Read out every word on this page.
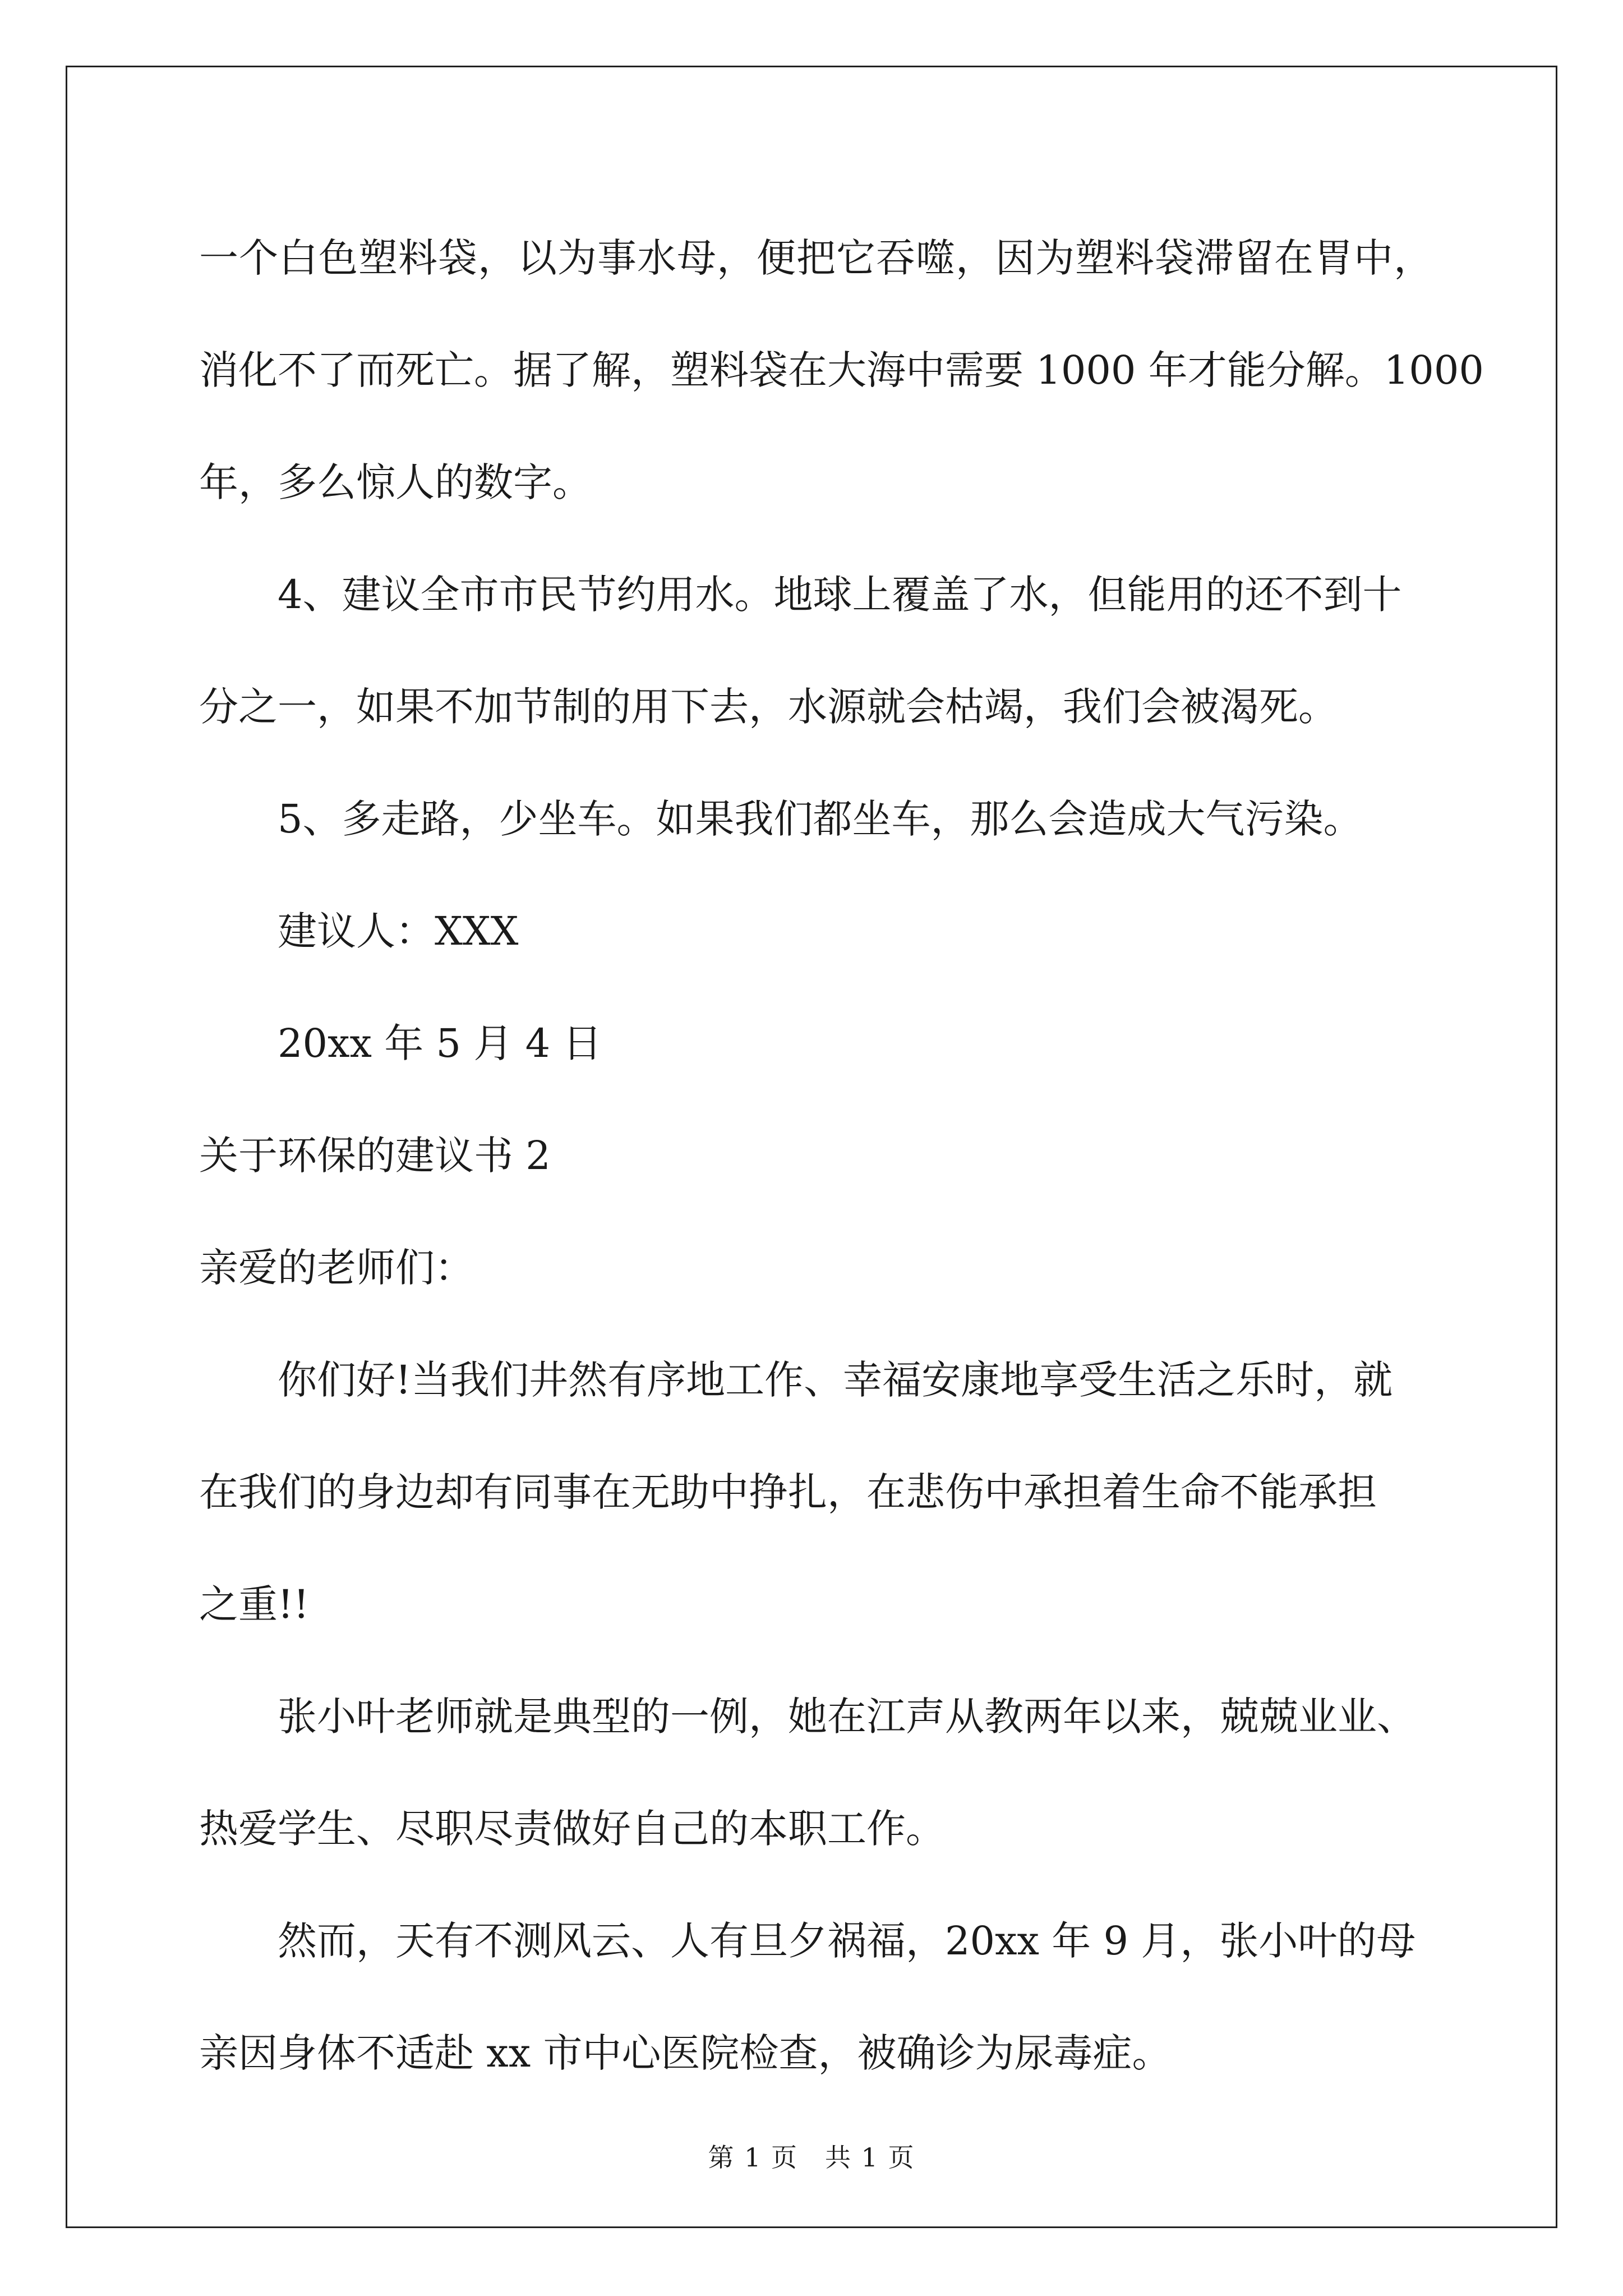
一 个 白 色 塑 料 袋 ， 以 为 事 水 母 ， 便 把 它 吞 噬 ， 因 为 塑 料 袋 滞 留 在 胃 中 ，

消 化 不 了 而 死 亡 。 据 了 解 ， 塑 料 袋 在 大 海 中 需 要
1 0 0 0
年 才 能 分 解 。 1 0 0 0

年，多么惊人的数字。

4、建议全市市民节约用水。地球上覆盖了水，但能用的还不到十

分之一，如果不加节制的用下去，水源就会枯竭，我们会被渴死。

5、多走路，少坐车。如果我们都坐车，那么会造成大气污染。

建议人：XXX

20xx 年 5 月 4 日

关于环保的建议书 2

亲爱的老师们：

你们好!当我们井然有序地工作、幸福安康地享受生活之乐时，就

在我们的身边却有同事在无助中挣扎，在悲伤中承担着生命不能承担

之重!!

张小叶老师就是典型的一例，她在江声从教两年以来，兢兢业业、

热爱学生、尽职尽责做好自己的本职工作。

然而，天有不测风云、人有旦夕祸福，20xx 年 9 月，张小叶的母

亲因身体不适赴 xx 市中心医院检查，被确诊为尿毒症。

第 1 页　共 1 页
